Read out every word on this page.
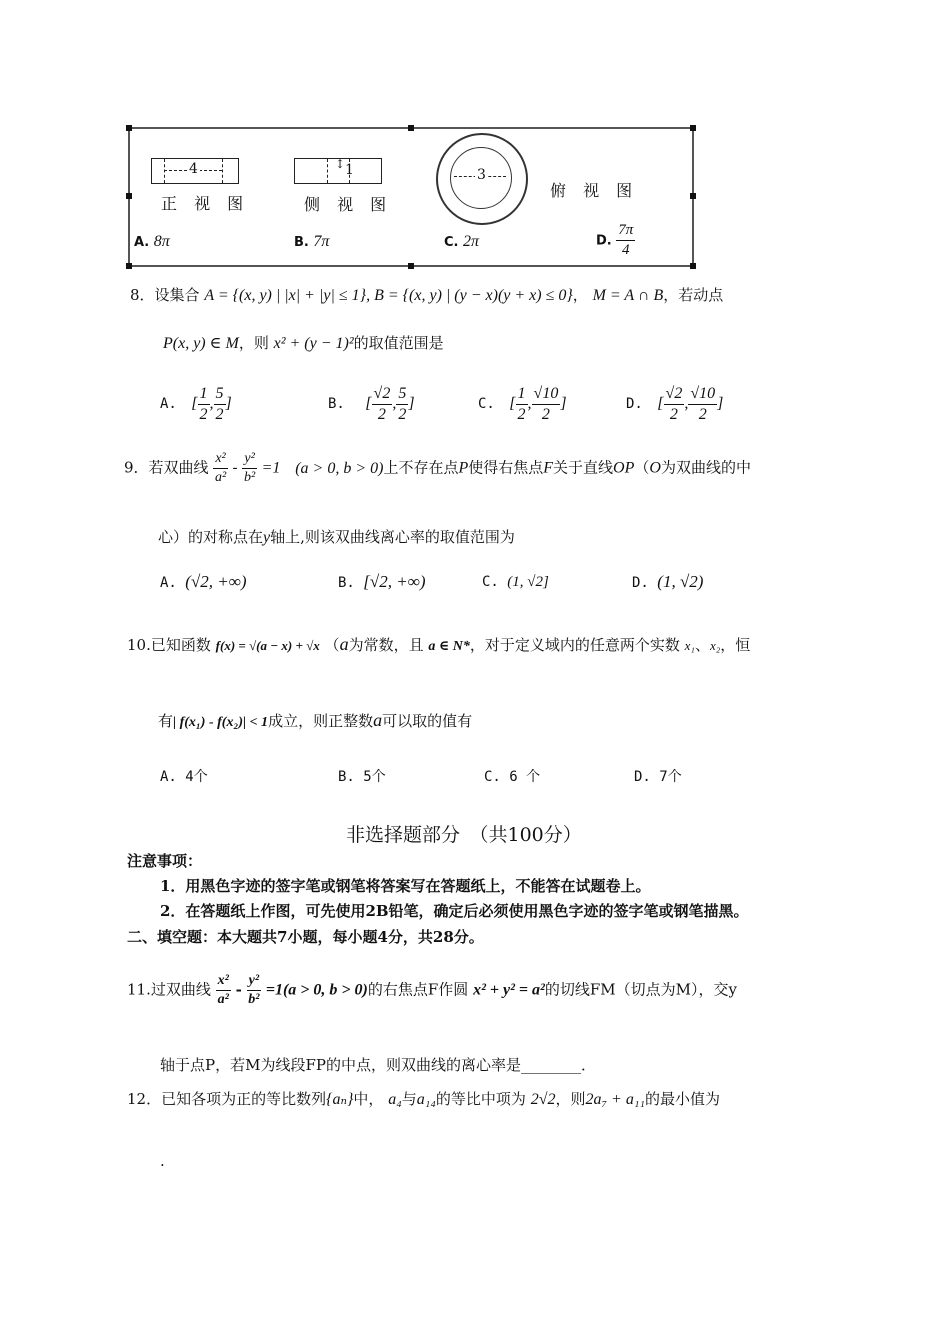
4
正 视 图
↕ 1
侧 视 图
3
俯 视 图
A. 8π	B. 7π	C. 2π	D. $\frac{7\pi}{4}$
8．设集合 A = {(x, y) | |x| + |y| ≤ 1}, B = {(x, y) | (y − x)(y + x) ≤ 0}， M = A ∩ B，若动点
P(x, y) ∈ M，则 x² + (y − 1)²的取值范围是
A. [ $\frac{1}{2}$ , $\frac{5}{2}$ ]	B. [ $\frac{√2}{2}$ , $\frac{5}{2}$ ]	C. [ $\frac{1}{2}$ , $\frac{√10}{2}$ ]	D. [ $\frac{√2}{2}$ , $\frac{√10}{2}$ ]
9．若双曲线 $\frac{\text{x²}}{\text{a²}} - \frac{\text{y²}}{\text{b²}} =1$ (a > 0, b > 0)上不存在点P使得右焦点F关于直线OP（O为双曲线的中
心）的对称点在y轴上,则该双曲线离心率的取值范围为
A. (√2, +∞)	B. [√2, +∞)	C. (1, √2]	D. (1, √2)
10.已知函数 f(x) = √(a − x) + √x （a为常数，且 a ∈ N*，对于定义域内的任意两个实数 x₁、x₂，恒
有| f(x₁) - f(x₂)| < 1成立，则正整数a可以取的值有
A. 4个	B. 5个	C. 6 个	D. 7个
非选择题部分　（共100分）
注意事项：
1．用黑色字迹的签字笔或钢笔将答案写在答题纸上，不能答在试题卷上。
2．在答题纸上作图，可先使用2B铅笔，确定后必须使用黑色字迹的签字笔或钢笔描黑。
二、填空题：本大题共7小题，每小题4分，共28分。
11.过双曲线 $\frac{\text{x²}}{\text{a²}} - \frac{\text{y²}}{\text{b²}} =1(a > 0$, b > 0)的右焦点F作圆 x² + y² = a²的切线FM（切点为M），交y
轴于点P，若M为线段FP的中点，则双曲线的离心率是________．
12．已知各项为正的等比数列{aₙ}中， a₄与a₁₄的等比中项为 2√2，则2a₇ + a₁₁的最小值为
.
